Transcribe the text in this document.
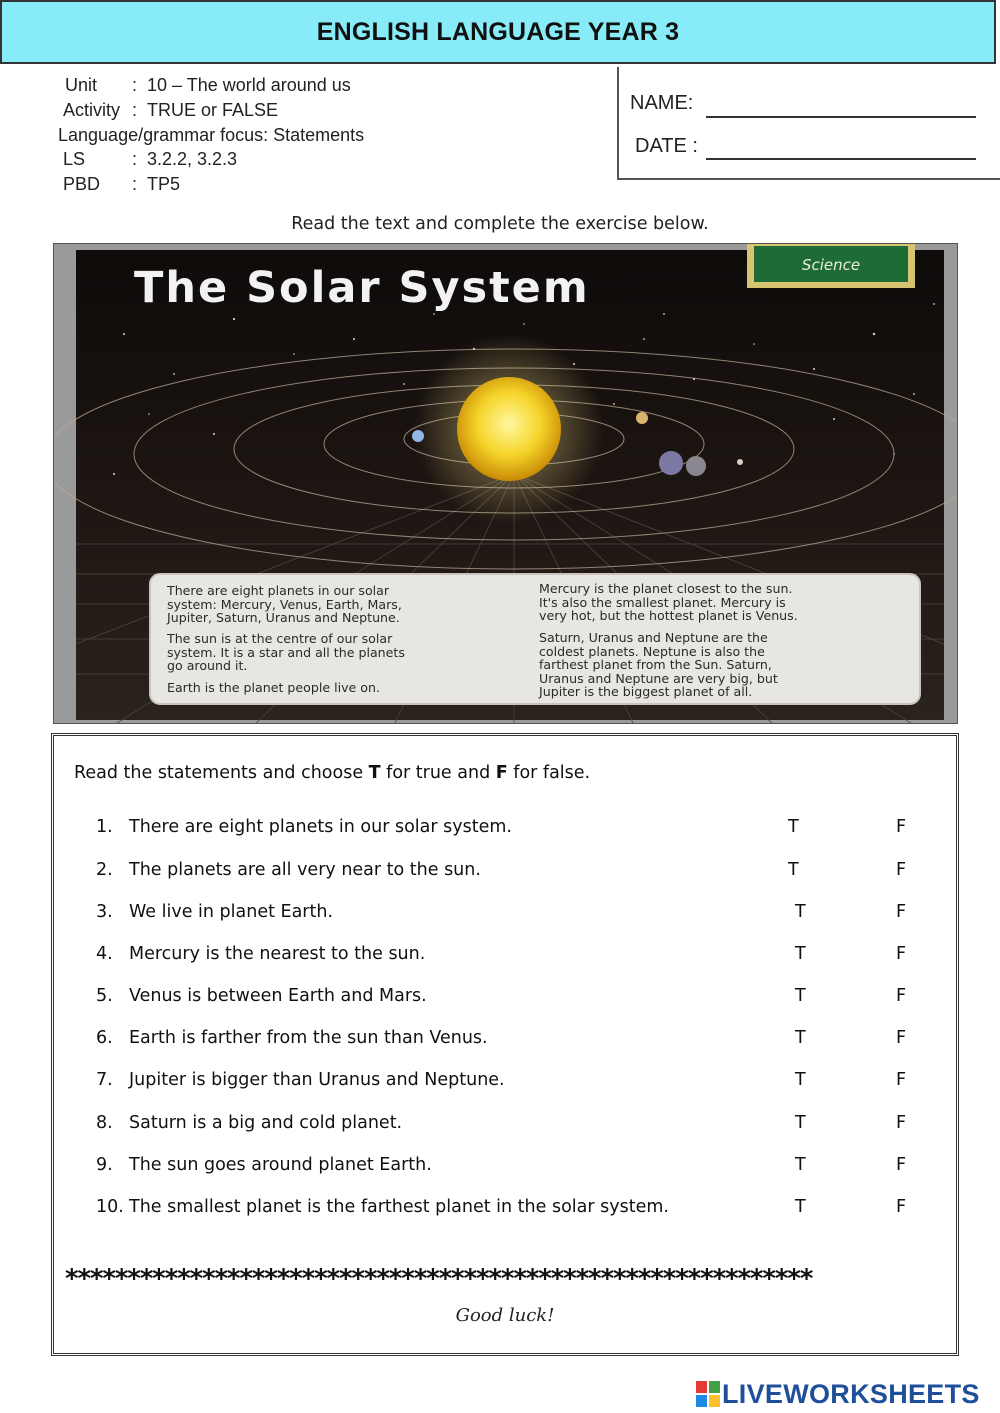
ENGLISH LANGUAGE YEAR 3
Unit : 10 – The world around us
Activity : TRUE or FALSE
Language/grammar focus: Statements
LS	: 3.2.2, 3.2.3
PBD : TP5
NAME:
DATE :
Read the text and complete the exercise below.
The Solar System	Science
There are eight planets in our solar
system: Mercury, Venus, Earth, Mars,
Jupiter, Saturn, Uranus and Neptune.
The sun is at the centre of our solar
system. It is a star and all the planets
go around it.
Earth is the planet people live on.
Mercury is the planet closest to the sun.
It's also the smallest planet. Mercury is
very hot, but the hottest planet is Venus.
Saturn, Uranus and Neptune are the
coldest planets. Neptune is also the
farthest planet from the Sun. Saturn,
Uranus and Neptune are very big, but
Jupiter is the biggest planet of all.
Read the statements and choose T for true and F for false.
1. There are eight planets in our solar system.	T	F
2. The planets are all very near to the sun.	T	F
3. We live in planet Earth.	T	F
4. Mercury is the nearest to the sun.	T	F
5. Venus is between Earth and Mars.	T	F
6. Earth is farther from the sun than Venus.	T	F
7. Jupiter is bigger than Uranus and Neptune.	T	F
8. Saturn is a big and cold planet.	T	F
9. The sun goes around planet Earth.	T	F
10. The smallest planet is the farthest planet in the solar system.	T	F
************************************************************
Good luck!
LIVEWORKSHEETS
